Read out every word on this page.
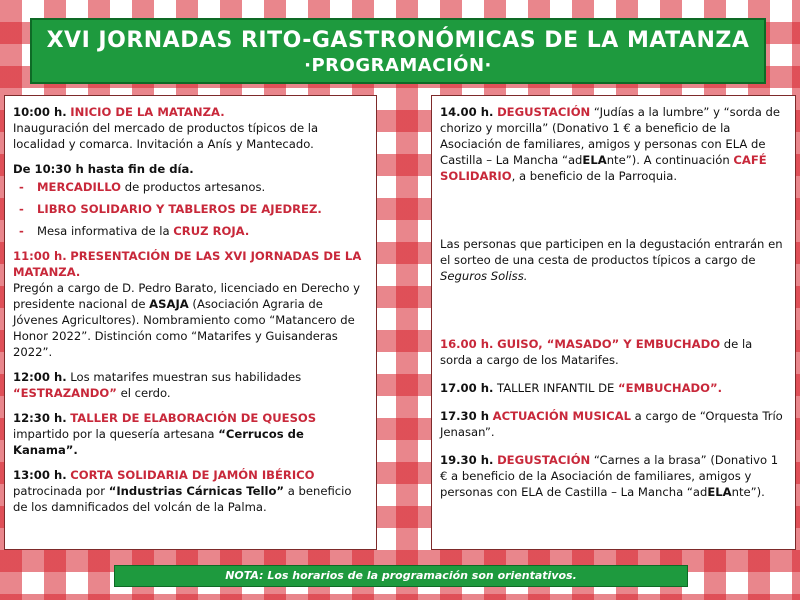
XVI JORNADAS RITO-GASTRONÓMICAS DE LA MATANZA
·PROGRAMACIÓN·
10:00 h. INICIO DE LA MATANZA.
Inauguración del mercado de productos típicos de la localidad y comarca. Invitación a Anís y Mantecado.
De 10:30 h hasta fin de día.
- MERCADILLO de productos artesanos.
- LIBRO SOLIDARIO Y TABLEROS DE AJEDREZ.
- Mesa informativa de la CRUZ ROJA.
11:00 h. PRESENTACIÓN DE LAS XVI JORNADAS DE LA MATANZA.
Pregón a cargo de D. Pedro Barato, licenciado en Derecho y presidente nacional de ASAJA (Asociación Agraria de Jóvenes Agricultores). Nombramiento como “Matancero de Honor 2022”. Distinción como “Matarifes y Guisanderas 2022”.
12:00 h. Los matarifes muestran sus habilidades
“ESTRAZANDO” el cerdo.
12:30 h. TALLER DE ELABORACIÓN DE QUESOS impartido por la quesería artesana “Cerrucos de Kanama”.
13:00 h. CORTA SOLIDARIA DE JAMÓN IBÉRICO
patrocinada por “Industrias Cárnicas Tello” a beneficio de los damnificados del volcán de la Palma.
14.00 h. DEGUSTACIÓN “Judías a la lumbre” y “sorda de chorizo y morcilla” (Donativo 1 € a beneficio de la Asociación de familiares, amigos y personas con ELA de Castilla – La Mancha “adELAnte”). A continuación CAFÉ SOLIDARIO, a beneficio de la Parroquia.
Las personas que participen en la degustación entrarán en el sorteo de una cesta de productos típicos a cargo de Seguros Soliss.
16.00 h. GUISO, “MASADO” Y EMBUCHADO de la sorda a cargo de los Matarifes.
17.00 h. TALLER INFANTIL DE “EMBUCHADO”.
17.30 h ACTUACIÓN MUSICAL a cargo de “Orquesta Trío Jenasan”.
19.30 h. DEGUSTACIÓN “Carnes a la brasa” (Donativo 1 € a beneficio de la Asociación de familiares, amigos y personas con ELA de Castilla – La Mancha “adELAnte”).
NOTA: Los horarios de la programación son orientativos.
